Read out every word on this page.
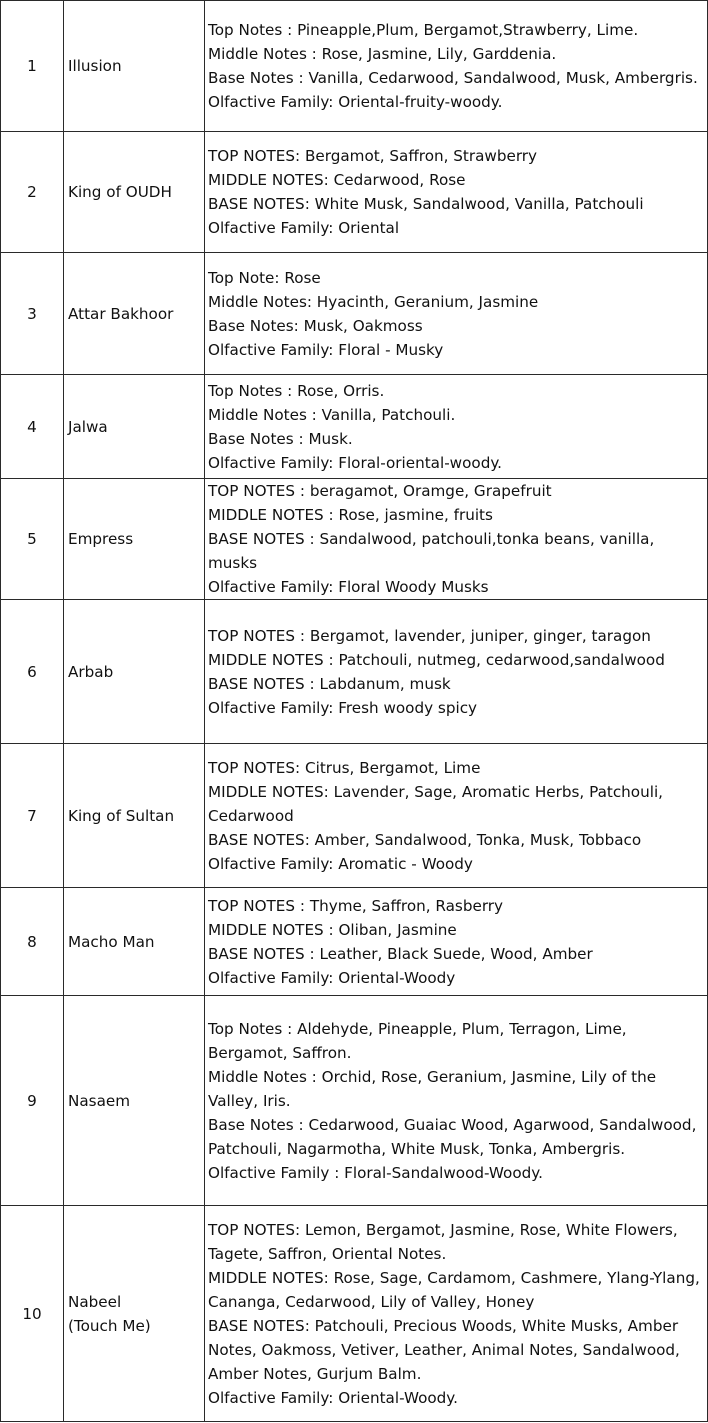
1	Illusion	Top Notes : Pineapple,Plum, Bergamot,Strawberry, Lime.
Middle Notes : Rose, Jasmine, Lily, Garddenia.
Base Notes : Vanilla, Cedarwood, Sandalwood, Musk, Ambergris.
Olfactive Family: Oriental-fruity-woody.

2	King of OUDH	TOP NOTES: Bergamot, Saffron, Strawberry
MIDDLE NOTES: Cedarwood, Rose
BASE NOTES: White Musk, Sandalwood, Vanilla, Patchouli
Olfactive Family: Oriental

3	Attar Bakhoor	Top Note: Rose
Middle Notes: Hyacinth, Geranium, Jasmine
Base Notes: Musk, Oakmoss
Olfactive Family: Floral - Musky

4	Jalwa	Top Notes : Rose, Orris.
Middle Notes : Vanilla, Patchouli.
Base Notes : Musk.
Olfactive Family: Floral-oriental-woody.

5	Empress	TOP NOTES : beragamot, Oramge, Grapefruit
MIDDLE NOTES : Rose, jasmine, fruits
BASE NOTES : Sandalwood, patchouli,tonka beans, vanilla, musks
Olfactive Family: Floral Woody Musks

6	Arbab	TOP NOTES : Bergamot, lavender, juniper, ginger, taragon
MIDDLE NOTES : Patchouli, nutmeg, cedarwood,sandalwood
BASE NOTES : Labdanum, musk
Olfactive Family: Fresh woody spicy

7	King of Sultan	TOP NOTES: Citrus, Bergamot, Lime
MIDDLE NOTES: Lavender, Sage, Aromatic Herbs, Patchouli, Cedarwood
BASE NOTES: Amber, Sandalwood, Tonka, Musk, Tobbaco
Olfactive Family: Aromatic - Woody

8	Macho Man	TOP NOTES : Thyme, Saffron, Rasberry
MIDDLE NOTES : Oliban, Jasmine
BASE NOTES : Leather, Black Suede, Wood, Amber
Olfactive Family: Oriental-Woody

9	Nasaem	Top Notes : Aldehyde, Pineapple, Plum, Terragon, Lime, Bergamot, Saffron.
Middle Notes : Orchid, Rose, Geranium, Jasmine, Lily of the Valley, Iris.
Base Notes : Cedarwood, Guaiac Wood, Agarwood, Sandalwood, Patchouli, Nagarmotha, White Musk, Tonka, Ambergris.
Olfactive Family : Floral-Sandalwood-Woody.

10	Nabeel
(Touch Me)	TOP NOTES: Lemon, Bergamot, Jasmine, Rose, White Flowers, Tagete, Saffron, Oriental Notes.
MIDDLE NOTES: Rose, Sage, Cardamom, Cashmere, Ylang-Ylang, Cananga, Cedarwood, Lily of Valley, Honey
BASE NOTES: Patchouli, Precious Woods, White Musks, Amber Notes, Oakmoss, Vetiver, Leather, Animal Notes, Sandalwood, Amber Notes, Gurjum Balm.
Olfactive Family: Oriental-Woody.
